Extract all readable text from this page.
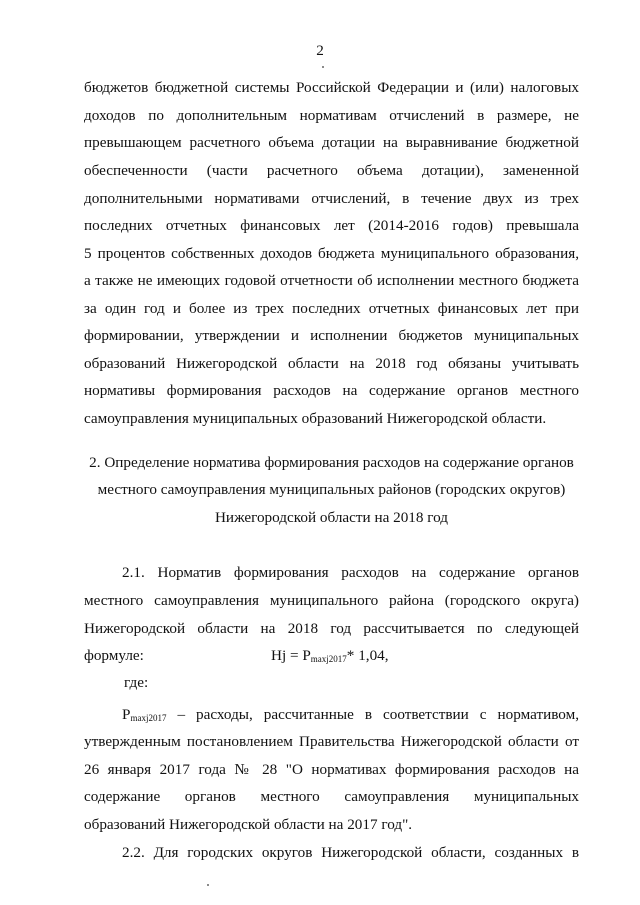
2
бюджетов бюджетной системы Российской Федерации и (или) налоговых
доходов по дополнительным нормативам отчислений в размере, не
превышающем расчетного объема дотации на выравнивание бюджетной
обеспеченности (части расчетного объема дотации), замененной
дополнительными нормативами отчислений, в течение двух из трех
последних отчетных финансовых лет (2014-2016 годов) превышала
5 процентов собственных доходов бюджета муниципального образования,
а также не имеющих годовой отчетности об исполнении местного бюджета
за один год и более из трех последних отчетных финансовых лет при
формировании, утверждении и исполнении бюджетов муниципальных
образований Нижегородской области на 2018 год обязаны учитывать
нормативы формирования расходов на содержание органов местного
самоуправления муниципальных образований Нижегородской области.
2. Определение норматива формирования расходов на содержание органов
местного самоуправления муниципальных районов (городских округов)
Нижегородской области на 2018 год
2.1. Норматив формирования расходов на содержание органов
местного самоуправления муниципального района (городского округа)
Нижегородской области на 2018 год рассчитывается по следующей
формуле:	$Hj = P_{maxj2017}*$ 1,04,
где:
$P_{maxj2017}$ – расходы, рассчитанные в соответствии с нормативом,
утвержденным постановлением Правительства Нижегородской области от
26 января 2017 года № 28 "О нормативах формирования расходов на
содержание органов местного самоуправления муниципальных
образований Нижегородской области на 2017 год".
2.2. Для городских округов Нижегородской области, созданных в
